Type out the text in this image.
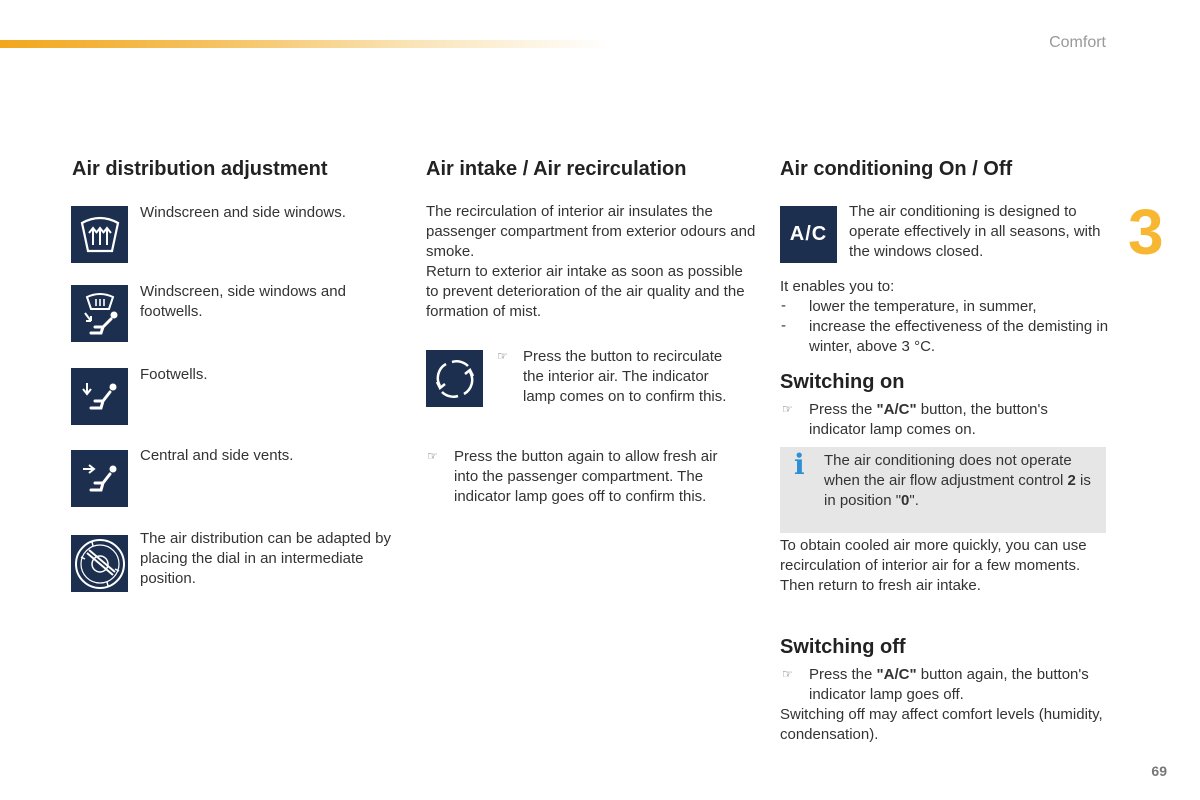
Comfort
3
69
Air distribution adjustment

Windscreen and side windows.

Windscreen, side windows and footwells.

Footwells.

Central and side vents.

The air distribution can be adapted by placing the dial in an intermediate position.

Air intake / Air recirculation

The recirculation of interior air insulates the passenger compartment from exterior odours and smoke.

Return to exterior air intake as soon as possible to prevent deterioration of the air quality and the formation of mist.

☞ Press the button to recirculate the interior air. The indicator lamp comes on to confirm this.

☞ Press the button again to allow fresh air into the passenger compartment. The indicator lamp goes off to confirm this.

Air conditioning On / Off
A/C

The air conditioning is designed to operate effectively in all seasons, with the windows closed.

It enables you to:

- lower the temperature, in summer,

- increase the effectiveness of the demisting in winter, above 3 °C.

Switching on
☞ Press the "A/C" button, the button's indicator lamp comes on.

i The air conditioning does not operate when the air flow adjustment control 2 is in position "0".

To obtain cooled air more quickly, you can use recirculation of interior air for a few moments. Then return to fresh air intake.

Switching off
☞ Press the "A/C" button again, the button's indicator lamp goes off.

Switching off may affect comfort levels (humidity, condensation).
